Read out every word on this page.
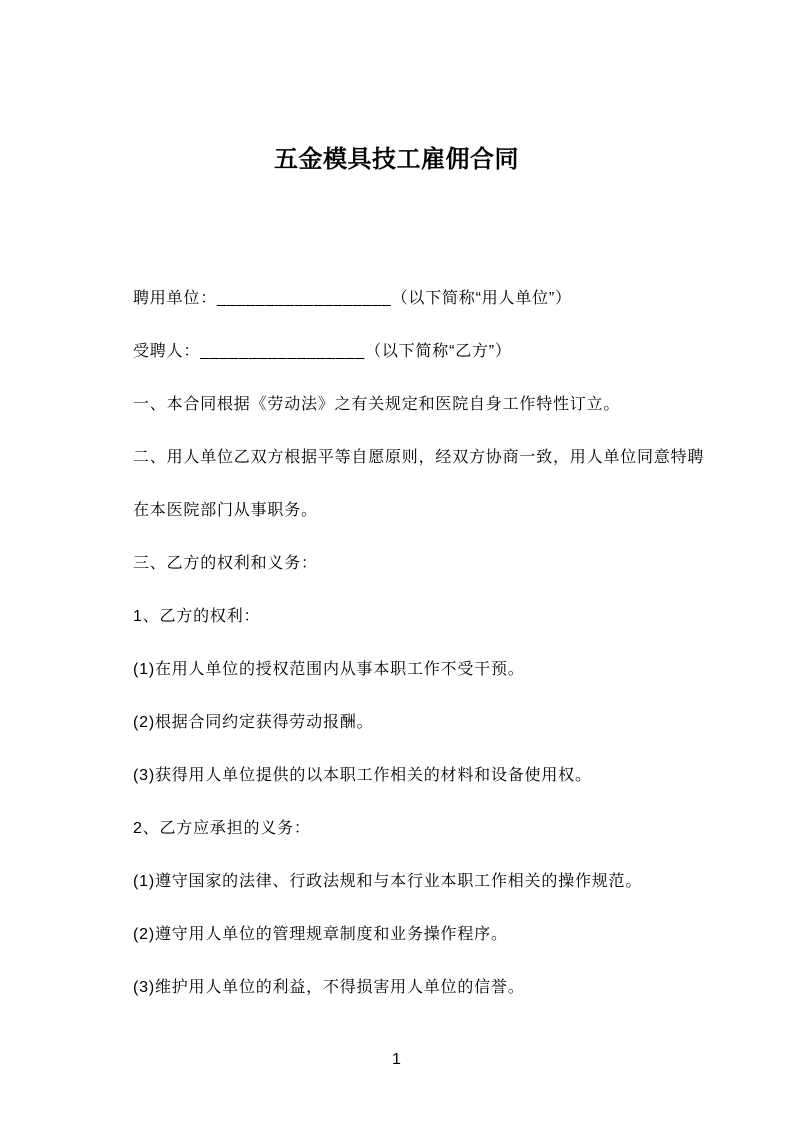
五金模具技工雇佣合同
聘用单位：__________________（以下简称“用人单位”）
受聘人：_________________（以下简称“乙方”）
一、本合同根据《劳动法》之有关规定和医院自身工作特性订立。
二、用人单位乙双方根据平等自愿原则，经双方协商一致，用人单位同意特聘
在本医院部门从事职务。
三、乙方的权利和义务：
1、乙方的权利：
(1)在用人单位的授权范围内从事本职工作不受干预。
(2)根据合同约定获得劳动报酬。
(3)获得用人单位提供的以本职工作相关的材料和设备使用权。
2、乙方应承担的义务：
(1)遵守国家的法律、行政法规和与本行业本职工作相关的操作规范。
(2)遵守用人单位的管理规章制度和业务操作程序。
(3)维护用人单位的利益，不得损害用人单位的信誉。
1
